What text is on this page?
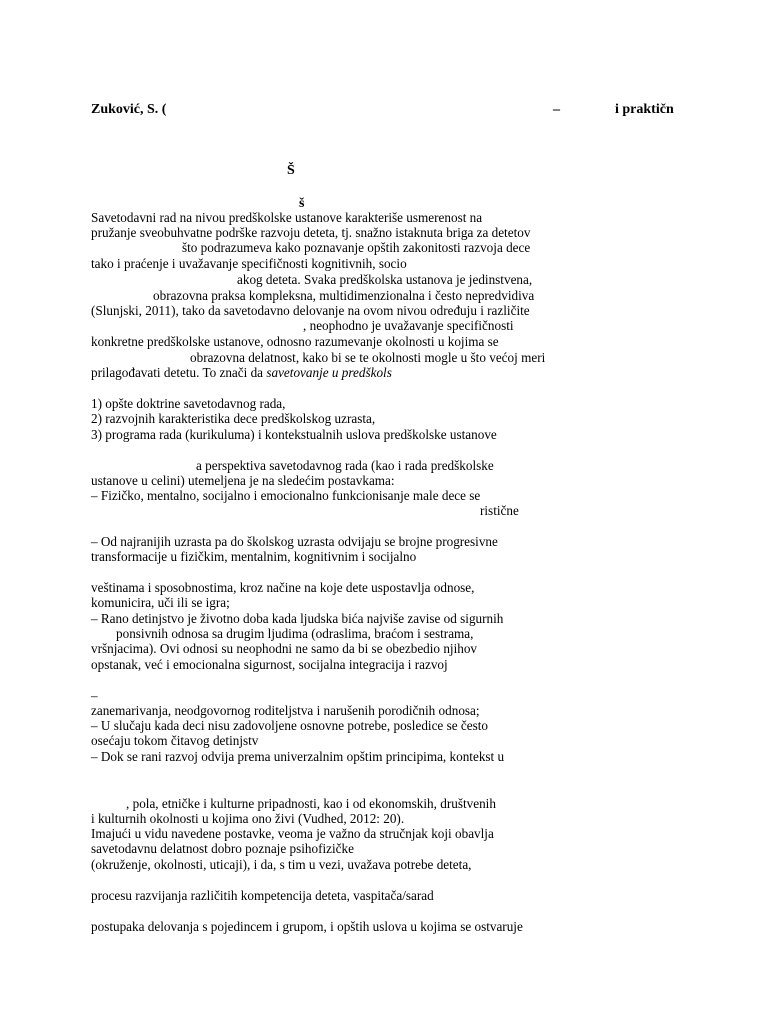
Zuković, S. (	–	i praktičn
Š
š
Savetodavni rad na nivou predškolske ustanove karakteriše usmerenost na
pružanje sveobuhvatne podrške razvoju deteta, tj. snažno istaknuta briga za detetov
što podrazumeva kako poznavanje opštih zakonitosti razvoja dece
tako i praćenje i uvažavanje specifičnosti kognitivnih, socio
akog deteta. Svaka predškolska ustanova je jedinstvena,
obrazovna praksa kompleksna, multidimenzionalna i često nepredvidiva
(Slunjski, 2011), tako da savetodavno delovanje na ovom nivou određuju i različite
, neophodno je uvažavanje specifičnosti
konkretne predškolske ustanove, odnosno razumevanje okolnosti u kojima se
obrazovna delatnost, kako bi se te okolnosti mogle u što većoj meri
prilagođavati detetu. To znači da savetovanje u predškols
1) opšte doktrine savetodavnog rada,
2) razvojnih karakteristika dece predškolskog uzrasta,
3) programa rada (kurikuluma) i kontekstualnih uslova predškolske ustanove
a perspektiva savetodavnog rada (kao i rada predškolske
ustanove u celini) utemeljena je na sledećim postavkama:
– Fizičko, mentalno, socijalno i emocionalno funkcionisanje male dece se
ristične
– Od najranijih uzrasta pa do školskog uzrasta odvijaju se brojne progresivne
transformacije u fizičkim, mentalnim, kognitivnim i socijalno
veštinama i sposobnostima, kroz načine na koje dete uspostavlja odnose,
komunicira, uči ili se igra;
– Rano detinjstvo je životno doba kada ljudska bića najviše zavise od sigurnih
ponsivnih odnosa sa drugim ljudima (odraslima, braćom i sestrama,
vršnjacima). Ovi odnosi su neophodni ne samo da bi se obezbedio njihov
opstanak, već i emocionalna sigurnost, socijalna integracija i razvoj
–
zanemarivanja, neodgovornog roditeljstva i narušenih porodičnih odnosa;
– U slučaju kada deci nisu zadovoljene osnovne potrebe, posledice se često
osećaju tokom čitavog detinjstv
– Dok se rani razvoj odvija prema univerzalnim opštim principima, kontekst u
, pola, etničke i kulturne pripadnosti, kao i od ekonomskih, društvenih
i kulturnih okolnosti u kojima ono živi (Vudhed, 2012: 20).
Imajući u vidu navedene postavke, veoma je važno da stručnjak koji obavlja
savetodavnu delatnost dobro poznaje psihofizičke
(okruženje, okolnosti, uticaji), i da, s tim u vezi, uvažava potrebe deteta,
procesu razvijanja različitih kompetencija deteta, vaspitača/sarad
postupaka delovanja s pojedincem i grupom, i opštih uslova u kojima se ostvaruje
